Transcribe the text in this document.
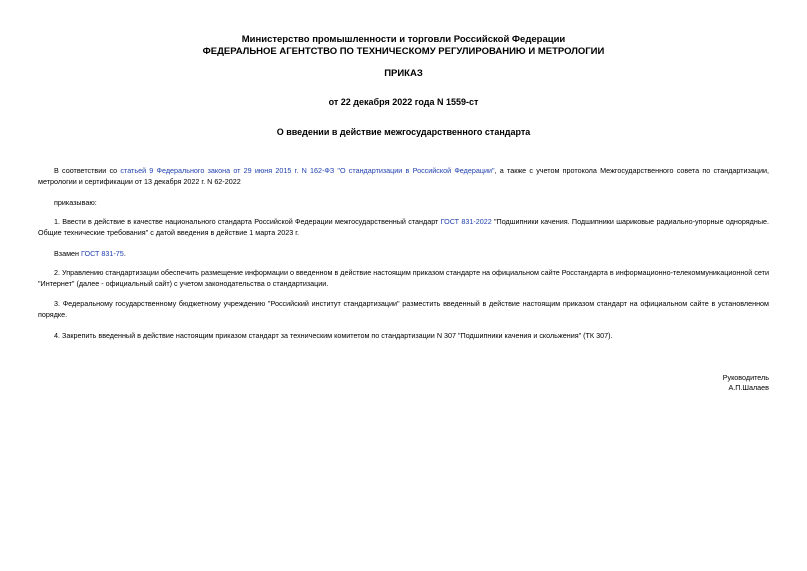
Министерство промышленности и торговли Российской Федерации
ФЕДЕРАЛЬНОЕ АГЕНТСТВО ПО ТЕХНИЧЕСКОМУ РЕГУЛИРОВАНИЮ И МЕТРОЛОГИИ
ПРИКАЗ
от 22 декабря 2022 года N 1559-ст
О введении в действие межгосударственного стандарта

В соответствии со статьей 9 Федерального закона от 29 июня 2015 г. N 162-ФЗ "О стандартизации в Российской Федерации", а также с учетом протокола Межгосударственного совета по стандартизации, метрологии и сертификации от 13 декабря 2022 г. N 62-2022

приказываю:

1. Ввести в действие в качестве национального стандарта Российской Федерации межгосударственный стандарт ГОСТ 831-2022 "Подшипники качения. Подшипники шариковые радиально-упорные однорядные. Общие технические требования" с датой введения в действие 1 марта 2023 г.

Взамен ГОСТ 831-75.

2. Управлению стандартизации обеспечить размещение информации о введенном в действие настоящим приказом стандарте на официальном сайте Росстандарта в информационно-телекоммуникационной сети "Интернет" (далее - официальный сайт) с учетом законодательства о стандартизации.

3. Федеральному государственному бюджетному учреждению "Российский институт стандартизации" разместить введенный в действие настоящим приказом стандарт на официальном сайте в установленном порядке.

4. Закрепить введенный в действие настоящим приказом стандарт за техническим комитетом по стандартизации N 307 "Подшипники качения и скольжения" (ТК 307).

Руководитель
А.П.Шалаев
